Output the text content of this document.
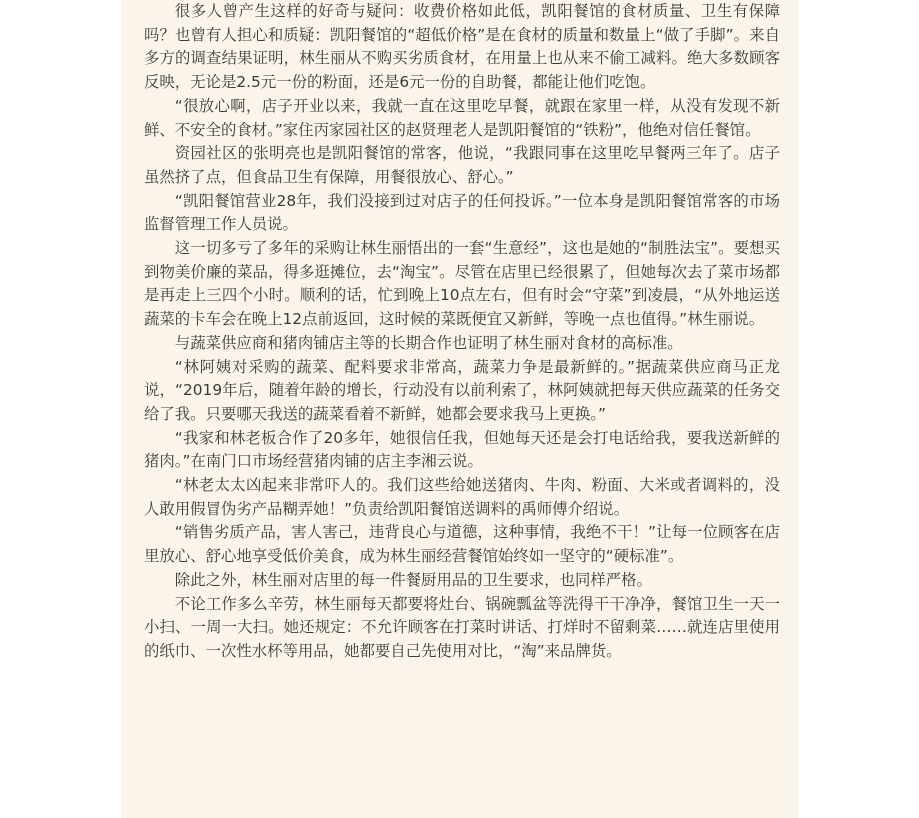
很多人曾产生这样的好奇与疑问：收费价格如此低，凯阳餐馆的食材质量、卫生有保障吗？也曾有人担心和质疑：凯阳餐馆的“超低价格”是在食材的质量和数量上“做了手脚”。来自多方的调查结果证明，林生丽从不购买劣质食材，在用量上也从来不偷工减料。绝大多数顾客反映，无论是2.5元一份的粉面，还是6元一份的自助餐，都能让他们吃饱。

“很放心啊，店子开业以来，我就一直在这里吃早餐，就跟在家里一样，从没有发现不新鲜、不安全的食材。”家住丙家园社区的赵贤理老人是凯阳餐馆的“铁粉”，他绝对信任餐馆。

资园社区的张明亮也是凯阳餐馆的常客，他说，“我跟同事在这里吃早餐两三年了。店子虽然挤了点，但食品卫生有保障，用餐很放心、舒心。”

“凯阳餐馆营业28年，我们没接到过对店子的任何投诉。”一位本身是凯阳餐馆常客的市场监督管理工作人员说。

这一切多亏了多年的采购让林生丽悟出的一套“生意经”，这也是她的“制胜法宝”。要想买到物美价廉的菜品，得多逛摊位，去“淘宝”。尽管在店里已经很累了，但她每次去了菜市场都是再走上三四个小时。顺利的话，忙到晚上10点左右，但有时会“守菜”到凌晨，“从外地运送蔬菜的卡车会在晚上12点前返回，这时候的菜既便宜又新鲜，等晚一点也值得。”林生丽说。

与蔬菜供应商和猪肉铺店主等的长期合作也证明了林生丽对食材的高标准。

“林阿姨对采购的蔬菜、配料要求非常高，蔬菜力争是最新鲜的。”据蔬菜供应商马正龙说，“2019年后，随着年龄的增长，行动没有以前利索了，林阿姨就把每天供应蔬菜的任务交给了我。只要哪天我送的蔬菜看着不新鲜，她都会要求我马上更换。”

“我家和林老板合作了20多年，她很信任我，但她每天还是会打电话给我，要我送新鲜的猪肉。”在南门口市场经营猪肉铺的店主李湘云说。

“林老太太凶起来非常吓人的。我们这些给她送猪肉、牛肉、粉面、大米或者调料的，没人敢用假冒伪劣产品糊弄她！”负责给凯阳餐馆送调料的禹师傅介绍说。

“销售劣质产品，害人害己，违背良心与道德，这种事情，我绝不干！”让每一位顾客在店里放心、舒心地享受低价美食，成为林生丽经营餐馆始终如一坚守的“硬标准”。

除此之外，林生丽对店里的每一件餐厨用品的卫生要求，也同样严格。

不论工作多么辛劳，林生丽每天都要将灶台、锅碗瓢盆等洗得干干净净，餐馆卫生一天一小扫、一周一大扫。她还规定：不允许顾客在打菜时讲话、打烊时不留剩菜……就连店里使用的纸巾、一次性水杯等用品，她都要自己先使用对比，“淘”来品牌货。
